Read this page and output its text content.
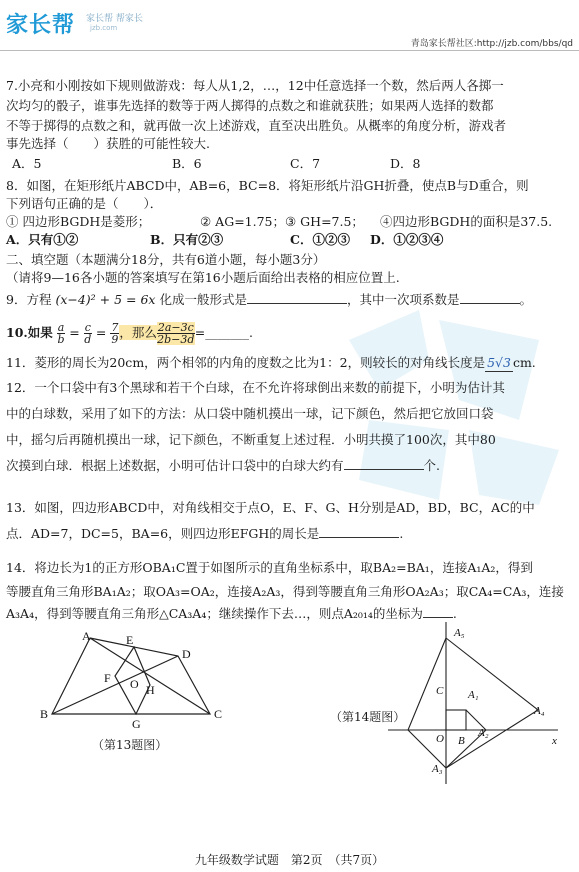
家长帮 家长帮 帮家长
jzb.com
青岛家长帮社区:http://jzb.com/bbs/qd
7.小亮和小刚按如下规则做游戏：每人从1,2，…，12中任意选择一个数，然后两人各掷一
次均匀的骰子，谁事先选择的数等于两人掷得的点数之和谁就获胜；如果两人选择的数都
不等于掷得的点数之和，就再做一次上述游戏，直至决出胜负。从概率的角度分析，游戏者
事先选择（　　）获胜的可能性较大.
A．5	B．6	C．7	D．8
8．如图，在矩形纸片ABCD中，AB=6，BC=8．将矩形纸片沿GH折叠，使点B与D重合，则
下列语句正确的是（　　）．
① 四边形BGDH是菱形；	② AG=1.75；③ GH=7.5；	④四边形BGDH的面积是37.5.
A．只有①②	B．只有②③	C．①②③	D．①②③④
二、填空题（本题满分18分，共有6道小题，每小题3分）
（请将9—16各小题的答案填写在第16小题后面给出表格的相应位置上.
9．方程 (x−4)² + 5 = 6x 化成一般形式是	，其中一次项系数是	。
10.如果 $\frac{a}{b} = \frac{c}{d} = \frac{7}{9}$ ，那么 $\frac{2a-3c}{2b-3d}$ =_______.
11．菱形的周长为20cm，两个相邻的内角的度数之比为1：2，则较长的对角线长度是 5√3 cm.
12．一个口袋中有3个黑球和若干个白球，在不允许将球倒出来数的前提下，小明为估计其
中的白球数，采用了如下的方法：从口袋中随机摸出一球，记下颜色，然后把它放回口袋
中，摇匀后再随机摸出一球，记下颜色，不断重复上述过程．小明共摸了100次，其中80
次摸到白球．根据上述数据，小明可估计口袋中的白球大约有	个.
13．如图，四边形ABCD中，对角线相交于点O，E、F、G、H分别是AD，BD，BC，AC的中
点．AD=7，DC=5，BA=6，则四边形EFGH的周长是	.
14．将边长为1的正方形OBA₁C置于如图所示的直角坐标系中，取BA₂=BA₁，连接A₁A₂，得到
等腰直角三角形BA₁A₂；取OA₃=OA₂，连接A₂A₃，得到等腰直角三角形OA₂A₃；取CA₄=CA₃，连接
A₃A₄，得到等腰直角三角形△CA₃A₄；继续操作下去…，则点A₂₀₁₄的坐标为 .
A	E
D
F O H
B
G
C
（第13题图）
A₅
A₁
C
A₄
O B
A₂
A₃
x
（第14题图）
九年级数学试题　第2页　（共7页）
